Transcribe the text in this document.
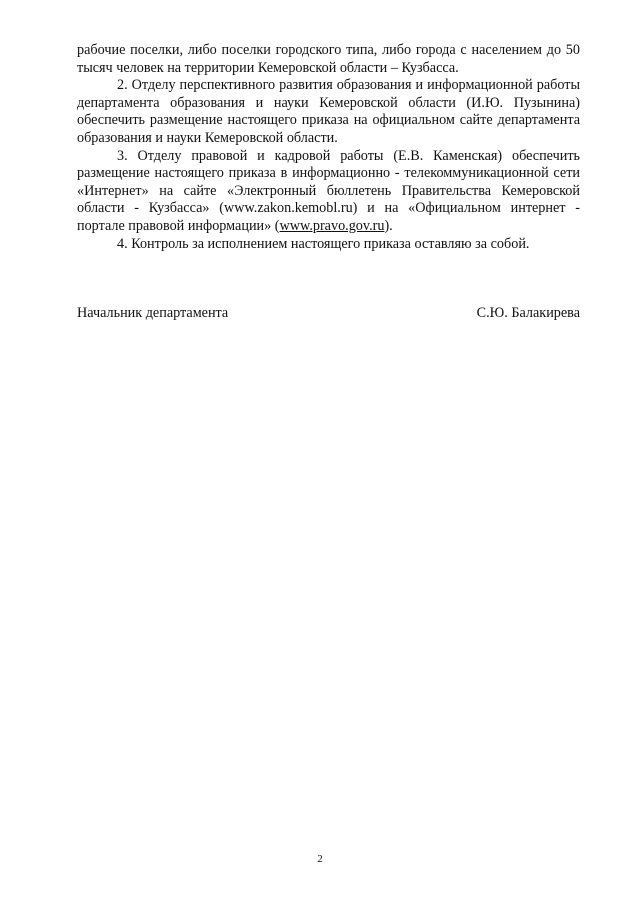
рабочие поселки, либо поселки городского типа, либо города с населением до 50 тысяч человек на территории Кемеровской области – Кузбасса.

2. Отделу перспективного развития образования и информационной работы департамента образования и науки Кемеровской области (И.Ю. Пузынина) обеспечить размещение настоящего приказа на официальном сайте департамента образования и науки Кемеровской области.

3. Отделу правовой и кадровой работы (Е.В. Каменская) обеспечить размещение настоящего приказа в информационно - телекоммуникационной сети «Интернет» на сайте «Электронный бюллетень Правительства Кемеровской области - Кузбасса» (www.zakon.kemobl.ru) и на «Официальном интернет - портале правовой информации» (www.pravo.gov.ru).

4. Контроль за исполнением настоящего приказа оставляю за собой.

Начальник департамента	С.Ю. Балакирева
2
